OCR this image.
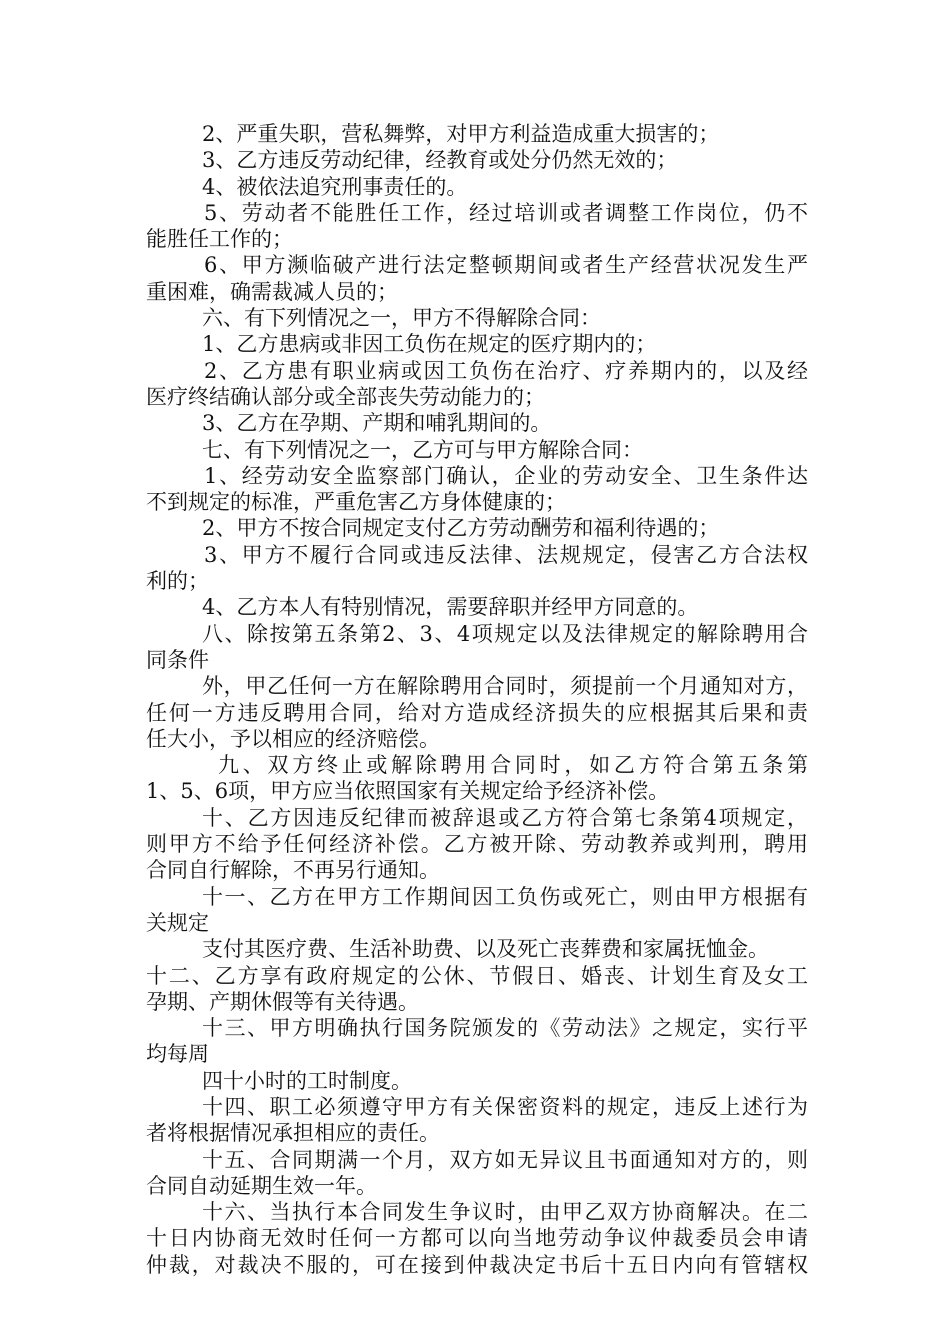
2、严重失职，营私舞弊，对甲方利益造成重大损害的；
3、乙方违反劳动纪律，经教育或处分仍然无效的；
4、被依法追究刑事责任的。
5、劳动者不能胜任工作，经过培训或者调整工作岗位，仍不
能胜任工作的；
6、甲方濒临破产进行法定整顿期间或者生产经营状况发生严
重困难，确需裁减人员的；
六、有下列情况之一，甲方不得解除合同：
1、乙方患病或非因工负伤在规定的医疗期内的；
2、乙方患有职业病或因工负伤在治疗、疗养期内的，以及经
医疗终结确认部分或全部丧失劳动能力的；
3、乙方在孕期、产期和哺乳期间的。
七、有下列情况之一，乙方可与甲方解除合同：
1、经劳动安全监察部门确认，企业的劳动安全、卫生条件达
不到规定的标准，严重危害乙方身体健康的；
2、甲方不按合同规定支付乙方劳动酬劳和福利待遇的；
3、甲方不履行合同或违反法律、法规规定，侵害乙方合法权
利的；
4、乙方本人有特别情况，需要辞职并经甲方同意的。
八、除按第五条第2、3、4项规定以及法律规定的解除聘用合
同条件
外，甲乙任何一方在解除聘用合同时，须提前一个月通知对方，
任何一方违反聘用合同，给对方造成经济损失的应根据其后果和责
任大小，予以相应的经济赔偿。
九、双方终止或解除聘用合同时，如乙方符合第五条第
1、5、6项，甲方应当依照国家有关规定给予经济补偿。
十、乙方因违反纪律而被辞退或乙方符合第七条第4项规定，
则甲方不给予任何经济补偿。乙方被开除、劳动教养或判刑，聘用
合同自行解除，不再另行通知。
十一、乙方在甲方工作期间因工负伤或死亡，则由甲方根据有
关规定
支付其医疗费、生活补助费、以及死亡丧葬费和家属抚恤金。
十二、乙方享有政府规定的公休、节假日、婚丧、计划生育及女工
孕期、产期休假等有关待遇。
十三、甲方明确执行国务院颁发的《劳动法》之规定，实行平
均每周
四十小时的工时制度。
十四、职工必须遵守甲方有关保密资料的规定，违反上述行为
者将根据情况承担相应的责任。
十五、合同期满一个月，双方如无异议且书面通知对方的，则
合同自动延期生效一年。
十六、当执行本合同发生争议时，由甲乙双方协商解决。在二
十日内协商无效时任何一方都可以向当地劳动争议仲裁委员会申请
仲裁，对裁决不服的，可在接到仲裁决定书后十五日内向有管辖权
